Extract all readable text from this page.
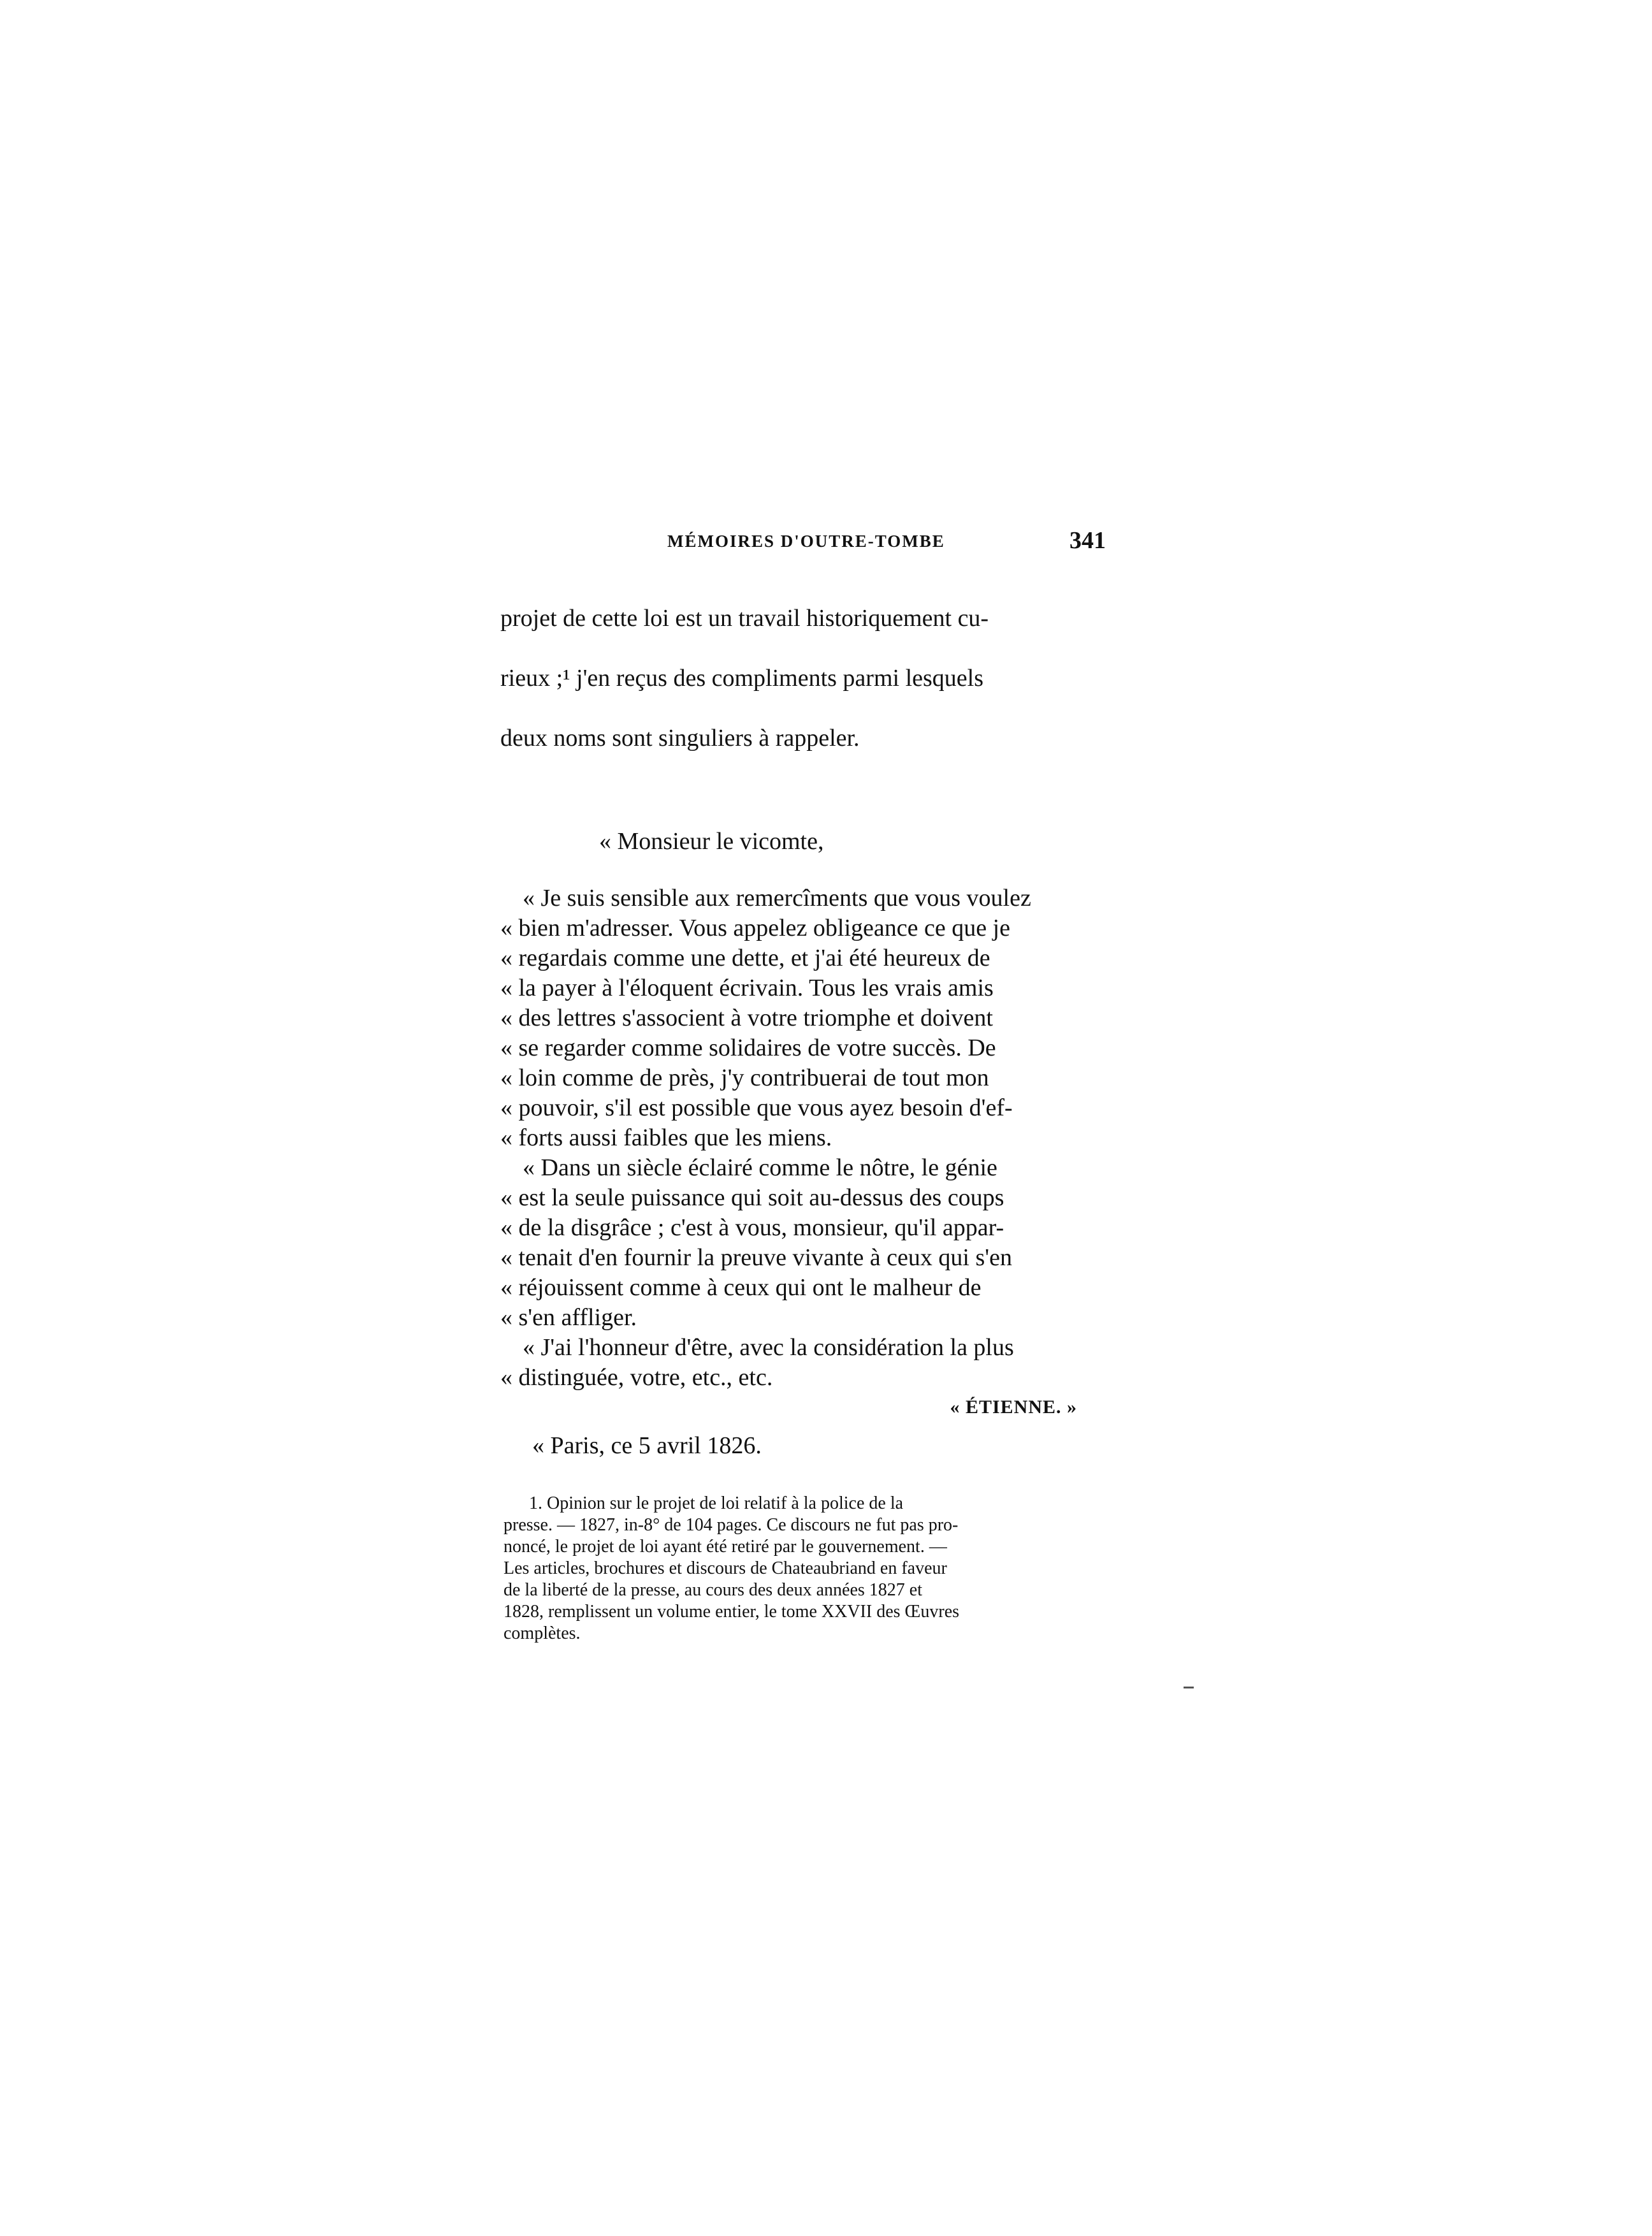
MÉMOIRES D'OUTRE-TOMBE	341

projet de cette loi est un travail historiquement cu-

rieux ;¹ j'en reçus des compliments parmi lesquels

deux noms sont singuliers à rappeler.

« Monsieur le vicomte,
« Je suis sensible aux remercîments que vous voulez
« bien m'adresser. Vous appelez obligeance ce que je
« regardais comme une dette, et j'ai été heureux de
« la payer à l'éloquent écrivain. Tous les vrais amis
« des lettres s'associent à votre triomphe et doivent
« se regarder comme solidaires de votre succès. De
« loin comme de près, j'y contribuerai de tout mon
« pouvoir, s'il est possible que vous ayez besoin d'ef-
« forts aussi faibles que les miens.
« Dans un siècle éclairé comme le nôtre, le génie
« est la seule puissance qui soit au-dessus des coups
« de la disgrâce ; c'est à vous, monsieur, qu'il appar-
« tenait d'en fournir la preuve vivante à ceux qui s'en
« réjouissent comme à ceux qui ont le malheur de
« s'en affliger.
« J'ai l'honneur d'être, avec la considération la plus
« distinguée, votre, etc., etc.
« ÉTIENNE. »
« Paris, ce 5 avril 1826.
1. Opinion sur le projet de loi relatif à la police de la
presse. — 1827, in-8° de 104 pages. Ce discours ne fut pas pro-
noncé, le projet de loi ayant été retiré par le gouvernement. —
Les articles, brochures et discours de Chateaubriand en faveur
de la liberté de la presse, au cours des deux années 1827 et
1828, remplissent un volume entier, le tome XXVII des Œuvres
complètes.
